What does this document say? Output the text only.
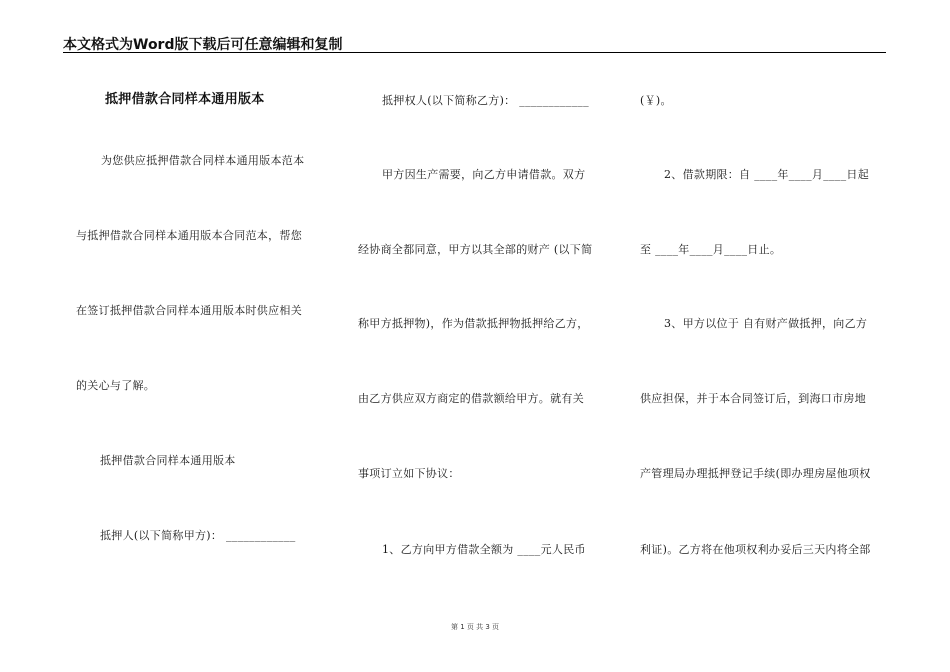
本文格式为Word版下载后可任意编辑和复制
抵押借款合同样本通用版本
为您供应抵押借款合同样本通用版本范本
与抵押借款合同样本通用版本合同范本，帮您
在签订抵押借款合同样本通用版本时供应相关
的关心与了解。
抵押借款合同样本通用版本
抵押人(以下简称甲方)： ____________
抵押权人(以下简称乙方)： ____________
甲方因生产需要，向乙方申请借款。双方
经协商全都同意，甲方以其全部的财产 (以下简
称甲方抵押物)，作为借款抵押物抵押给乙方，
由乙方供应双方商定的借款额给甲方。就有关
事项订立如下协议：
1、乙方向甲方借款全额为 ____元人民币
(￥)。
2、借款期限：自 ____年____月____日起
至 ____年____月____日止。
3、甲方以位于 自有财产做抵押，向乙方
供应担保，并于本合同签订后，到海口市房地
产管理局办理抵押登记手续(即办理房屋他项权
利证)。乙方将在他项权利办妥后三天内将全部
第 1 页 共 3 页
